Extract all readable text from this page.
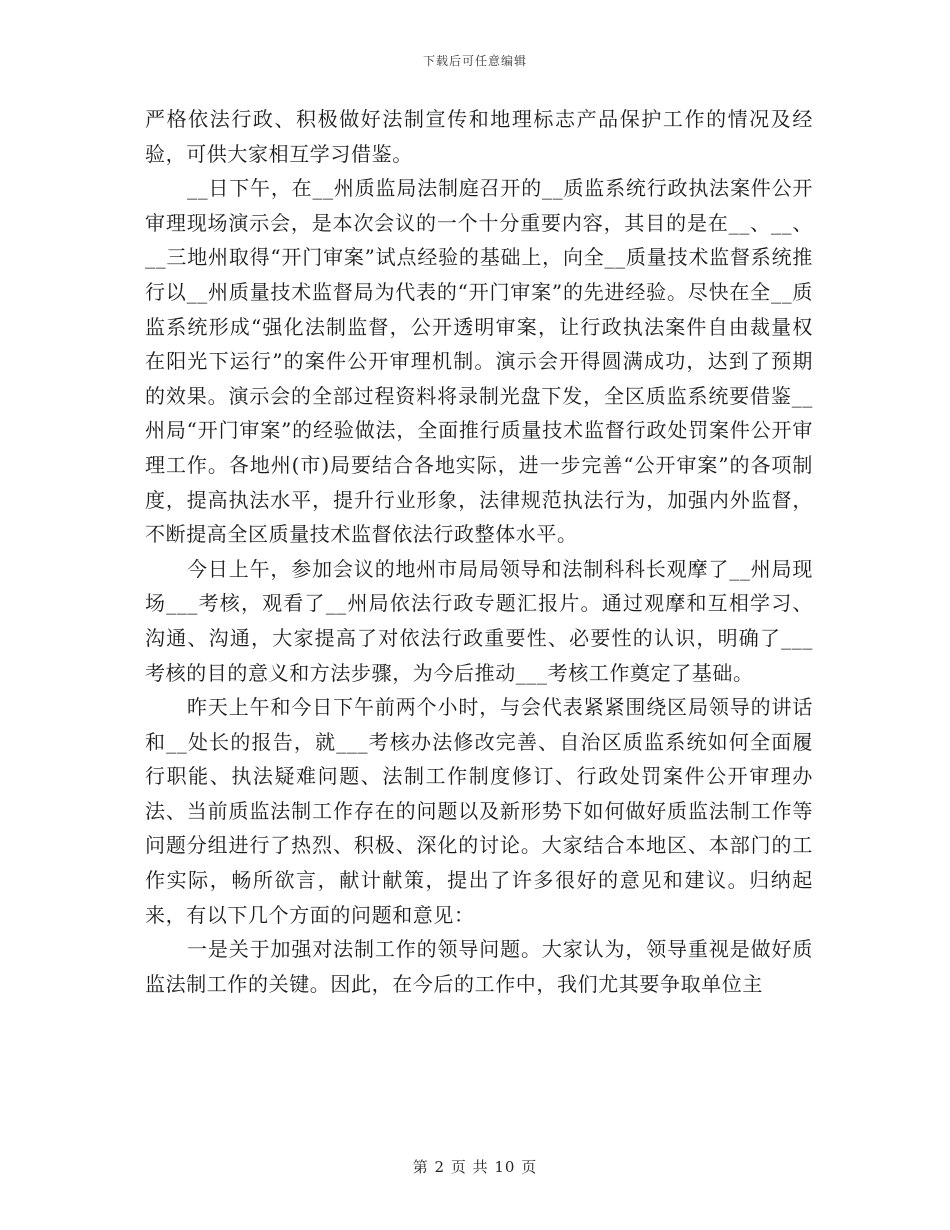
下载后可任意编辑

严格依法行政、积极做好法制宣传和地理标志产品保护工作的情况及经验，可供大家相互学习借鉴。

__日下午，在__州质监局法制庭召开的__质监系统行政执法案件公开审理现场演示会，是本次会议的一个十分重要内容，其目的是在__、__、__三地州取得“开门审案”试点经验的基础上，向全__质量技术监督系统推行以__州质量技术监督局为代表的“开门审案”的先进经验。尽快在全__质监系统形成“强化法制监督，公开透明审案，让行政执法案件自由裁量权在阳光下运行”的案件公开审理机制。演示会开得圆满成功，达到了预期的效果。演示会的全部过程资料将录制光盘下发，全区质监系统要借鉴__州局“开门审案”的经验做法，全面推行质量技术监督行政处罚案件公开审理工作。各地州(市)局要结合各地实际，进一步完善“公开审案”的各项制度，提高执法水平，提升行业形象，法律规范执法行为，加强内外监督，不断提高全区质量技术监督依法行政整体水平。

今日上午，参加会议的地州市局局领导和法制科科长观摩了__州局现场___考核，观看了__州局依法行政专题汇报片。通过观摩和互相学习、沟通、沟通，大家提高了对依法行政重要性、必要性的认识，明确了___考核的目的意义和方法步骤，为今后推动___考核工作奠定了基础。

昨天上午和今日下午前两个小时，与会代表紧紧围绕区局领导的讲话和__处长的报告，就___考核办法修改完善、自治区质监系统如何全面履行职能、执法疑难问题、法制工作制度修订、行政处罚案件公开审理办法、当前质监法制工作存在的问题以及新形势下如何做好质监法制工作等问题分组进行了热烈、积极、深化的讨论。大家结合本地区、本部门的工作实际，畅所欲言，献计献策，提出了许多很好的意见和建议。归纳起来，有以下几个方面的问题和意见：

一是关于加强对法制工作的领导问题。大家认为，领导重视是做好质监法制工作的关键。因此，在今后的工作中，我们尤其要争取单位主

第 2 页 共 10 页
